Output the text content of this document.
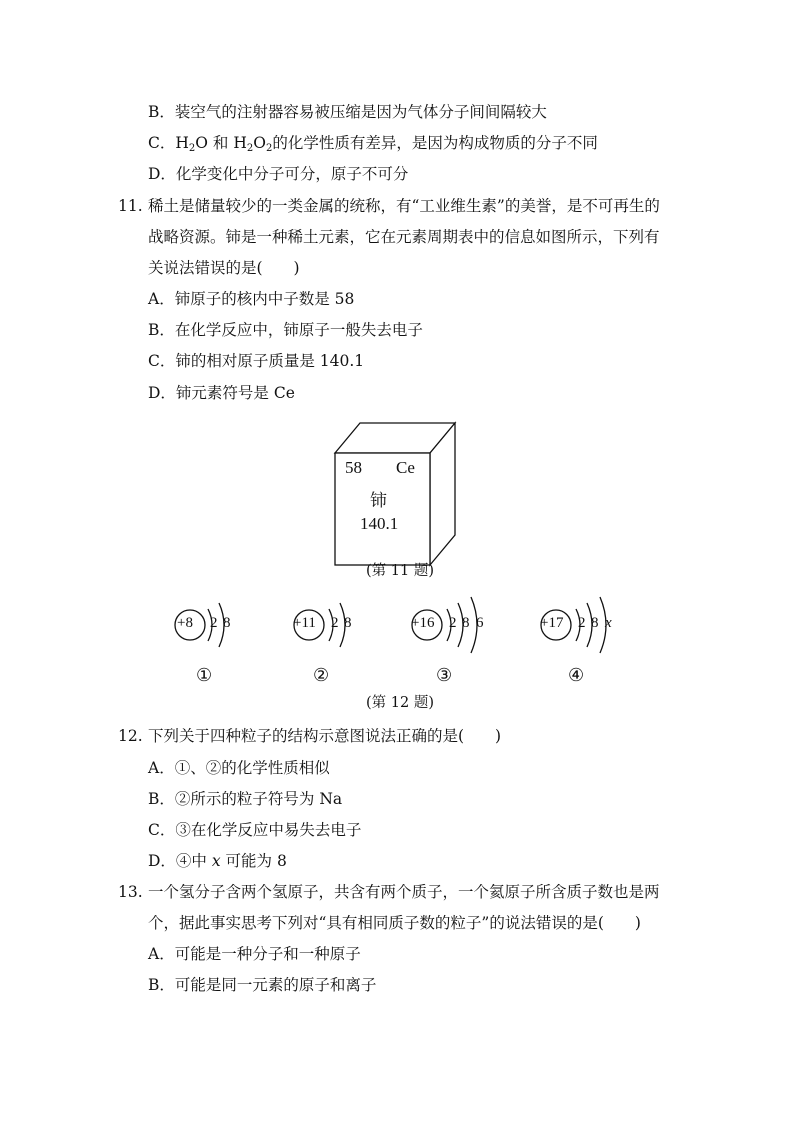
B．装空气的注射器容易被压缩是因为气体分子间间隔较大
C．$H_2O$ 和 $H_2O_2$的化学性质有差异，是因为构成物质的分子不同
D．化学变化中分子可分，原子不可分
11. 稀土是储量较少的一类金属的统称，有“工业维生素”的美誉，是不可再生的
战略资源。铈是一种稀土元素，它在元素周期表中的信息如图所示，下列有
关说法错误的是(　　)
A．铈原子的核内中子数是 58
B．在化学反应中，铈原子一般失去电子
C．铈的相对原子质量是 140.1
D．铈元素符号是 Ce
58 Ce
铈
140.1
(第 11 题)
+8 2 8
①
+11 2 8
②
+16 2 8 6
③
+17 2 8 x
④
(第 12 题)
12. 下列关于四种粒子的结构示意图说法正确的是(　　)
A．①、②的化学性质相似
B．②所示的粒子符号为 Na
C．③在化学反应中易失去电子
D．④中 x 可能为 8
13. 一个氢分子含两个氢原子，共含有两个质子，一个氦原子所含质子数也是两
个，据此事实思考下列对“具有相同质子数的粒子”的说法错误的是(　　)
A．可能是一种分子和一种原子
B．可能是同一元素的原子和离子
